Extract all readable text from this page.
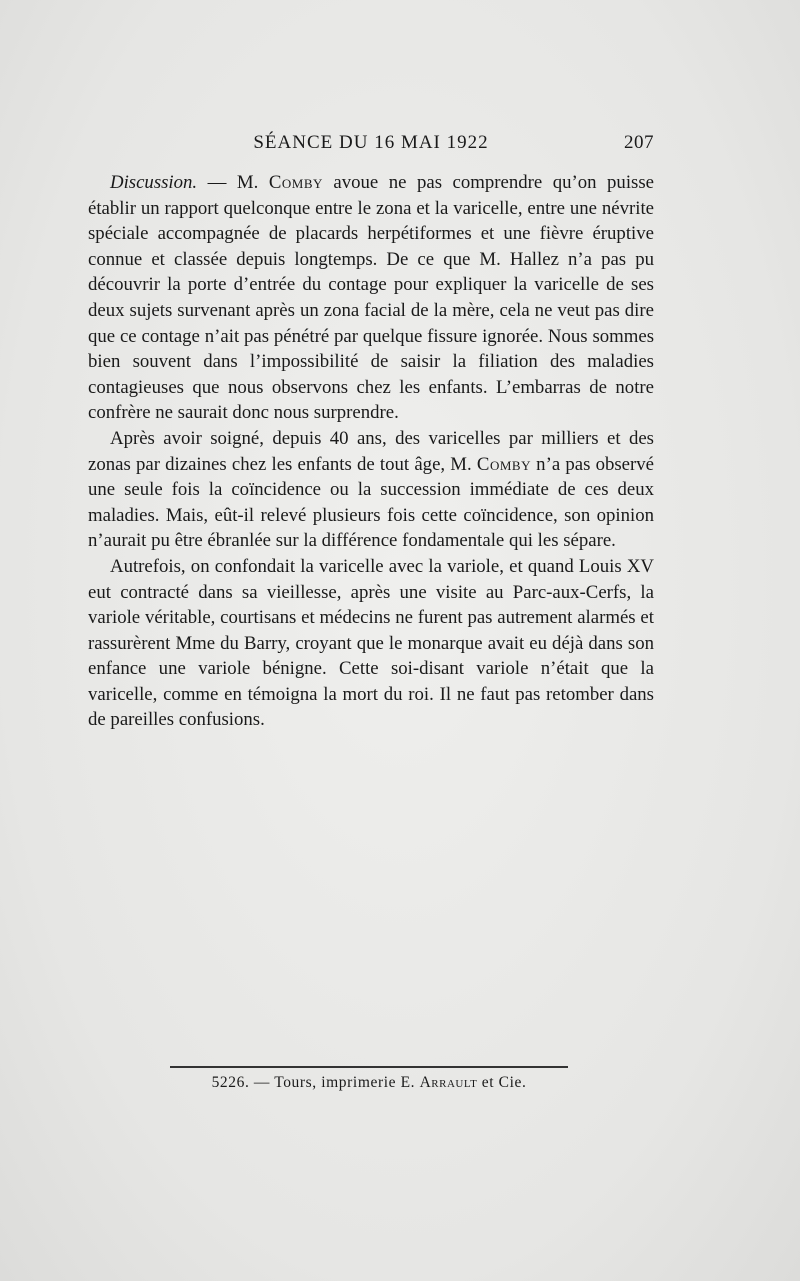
SÉANCE DU 16 MAI 1922	207

Discussion. — M. Comby avoue ne pas comprendre qu’on puisse établir un rapport quelconque entre le zona et la varicelle, entre une névrite spéciale accompagnée de placards herpétiformes et une fièvre éruptive connue et classée depuis longtemps. De ce que M. Hallez n’a pas pu découvrir la porte d’entrée du contage pour expliquer la varicelle de ses deux sujets survenant après un zona facial de la mère, cela ne veut pas dire que ce contage n’ait pas pénétré par quelque fissure ignorée. Nous sommes bien souvent dans l’impossibilité de saisir la filiation des maladies contagieuses que nous observons chez les enfants. L’embarras de notre confrère ne saurait donc nous surprendre.

Après avoir soigné, depuis 40 ans, des varicelles par milliers et des zonas par dizaines chez les enfants de tout âge, M. Comby n’a pas observé une seule fois la coïncidence ou la succession immédiate de ces deux maladies. Mais, eût-il relevé plusieurs fois cette coïncidence, son opinion n’aurait pu être ébranlée sur la différence fondamentale qui les sépare.

Autrefois, on confondait la varicelle avec la variole, et quand Louis XV eut contracté dans sa vieillesse, après une visite au Parc-aux-Cerfs, la variole véritable, courtisans et médecins ne furent pas autrement alarmés et rassurèrent Mme du Barry, croyant que le monarque avait eu déjà dans son enfance une variole bénigne. Cette soi-disant variole n’était que la varicelle, comme en témoigna la mort du roi. Il ne faut pas retomber dans de pareilles confusions.

5226. — Tours, imprimerie E. Arrault et Cie.
